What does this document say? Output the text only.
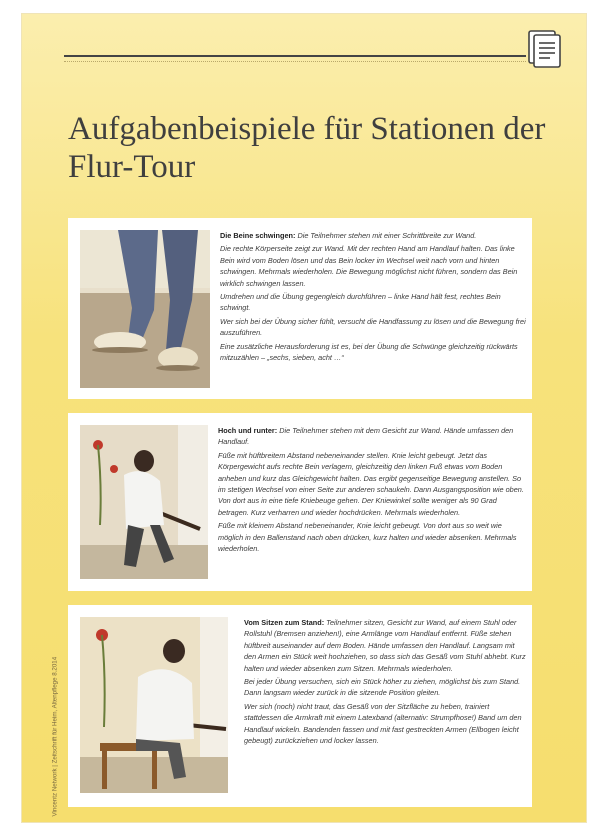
Aufgabenbeispiele für Stationen der Flur-Tour

Die Beine schwingen: Die Teilnehmer stehen mit einer Schrittbreite zur Wand.

Die rechte Körperseite zeigt zur Wand. Mit der rechten Hand am Handlauf halten. Das linke Bein wird vom Boden lösen und das Bein locker im Wechsel weit nach vorn und hinten schwingen. Mehrmals wiederholen. Die Bewegung möglichst nicht führen, sondern das Bein wirklich schwingen lassen.

Umdrehen und die Übung gegengleich durchführen – linke Hand hält fest, rechtes Bein schwingt.

Wer sich bei der Übung sicher fühlt, versucht die Handfassung zu lösen und die Bewegung frei auszuführen.

Eine zusätzliche Herausforderung ist es, bei der Übung die Schwünge gleichzeitig rückwärts mitzuzählen – „sechs, sieben, acht …“

Hoch und runter: Die Teilnehmer stehen mit dem Gesicht zur Wand. Hände umfassen den Handlauf.

Füße mit hüftbreitem Abstand nebeneinander stellen. Knie leicht gebeugt. Jetzt das Körpergewicht aufs rechte Bein verlagern, gleichzeitig den linken Fuß etwas vom Boden anheben und kurz das Gleichgewicht halten. Das ergibt gegenseitige Bewegung anstellen. So im stetigen Wechsel von einer Seite zur anderen schaukeln. Dann Ausgangsposition wie oben. Von dort aus in eine tiefe Kniebeuge gehen. Der Kniewinkel sollte weniger als 90 Grad betragen. Kurz verharren und wieder hochdrücken. Mehrmals wiederholen.

Füße mit kleinem Abstand nebeneinander, Knie leicht gebeugt. Von dort aus so weit wie möglich in den Ballenstand nach oben drücken, kurz halten und wieder absenken. Mehrmals wiederholen.

Vom Sitzen zum Stand: Teilnehmer sitzen, Gesicht zur Wand, auf einem Stuhl oder Rollstuhl (Bremsen anziehen!), eine Armlänge vom Handlauf entfernt. Füße stehen hüftbreit auseinander auf dem Boden. Hände umfassen den Handlauf. Langsam mit den Armen ein Stück weit hochziehen, so dass sich das Gesäß vom Stuhl abhebt. Kurz halten und wieder absenken zum Sitzen. Mehrmals wiederholen.

Bei jeder Übung versuchen, sich ein Stück höher zu ziehen, möglichst bis zum Stand. Dann langsam wieder zurück in die sitzende Position gleiten.

Wer sich (noch) nicht traut, das Gesäß von der Sitzfläche zu heben, trainiert stattdessen die Armkraft mit einem Latexband (alternativ: Strumpfhose!) Band um den Handlauf wickeln. Bandenden fassen und mit fast gestreckten Armen (Ellbogen leicht gebeugt) zurückziehen und locker lassen.

Vincentz Network | Zeitschrift für Heim, Altenpflege 8.2014
